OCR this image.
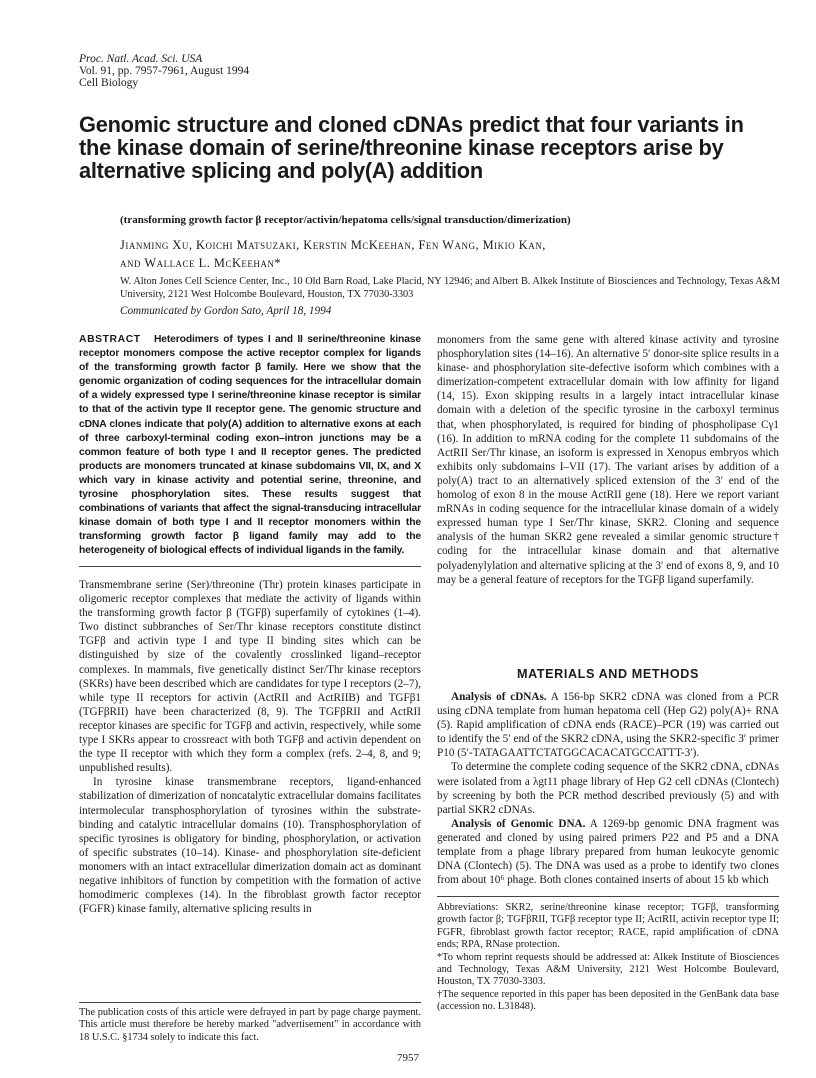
Proc. Natl. Acad. Sci. USA
Vol. 91, pp. 7957-7961, August 1994
Cell Biology
Genomic structure and cloned cDNAs predict that four variants in the kinase domain of serine/threonine kinase receptors arise by alternative splicing and poly(A) addition
(transforming growth factor β receptor/activin/hepatoma cells/signal transduction/dimerization)
Jianming Xu, Koichi Matsuzaki, Kerstin McKeehan, Fen Wang, Mikio Kan,
and Wallace L. McKeehan*
W. Alton Jones Cell Science Center, Inc., 10 Old Barn Road, Lake Placid, NY 12946; and Albert B. Alkek Institute of Biosciences and Technology, Texas A&M University, 2121 West Holcombe Boulevard, Houston, TX 77030-3303
Communicated by Gordon Sato, April 18, 1994
ABSTRACT Heterodimers of types I and II serine/threonine kinase receptor monomers compose the active receptor complex for ligands of the transforming growth factor β family. Here we show that the genomic organization of coding sequences for the intracellular domain of a widely expressed type I serine/threonine kinase receptor is similar to that of the activin type II receptor gene. The genomic structure and cDNA clones indicate that poly(A) addition to alternative exons at each of three carboxyl-terminal coding exon–intron junctions may be a common feature of both type I and II receptor genes. The predicted products are monomers truncated at kinase subdomains VII, IX, and X which vary in kinase activity and potential serine, threonine, and tyrosine phosphorylation sites. These results suggest that combinations of variants that affect the signal-transducing intracellular kinase domain of both type I and II receptor monomers within the transforming growth factor β ligand family may add to the heterogeneity of biological effects of individual ligands in the family.

Transmembrane serine (Ser)/threonine (Thr) protein kinases participate in oligomeric receptor complexes that mediate the activity of ligands within the transforming growth factor β (TGFβ) superfamily of cytokines (1–4). Two distinct subbranches of Ser/Thr kinase receptors constitute distinct TGFβ and activin type I and type II binding sites which can be distinguished by size of the covalently crosslinked ligand–receptor complexes. In mammals, five genetically distinct Ser/Thr kinase receptors (SKRs) have been described which are candidates for type I receptors (2–7), while type II receptors for activin (ActRII and ActRIIB) and TGFβ1 (TGFβRII) have been characterized (8, 9). The TGFβRII and ActRII receptor kinases are specific for TGFβ and activin, respectively, while some type I SKRs appear to crossreact with both TGFβ and activin dependent on the type II receptor with which they form a complex (refs. 2–4, 8, and 9; unpublished results).

In tyrosine kinase transmembrane receptors, ligand-enhanced stabilization of dimerization of noncatalytic extracellular domains facilitates intermolecular transphosphorylation of tyrosines within the substrate-binding and catalytic intracellular domains (10). Transphosphorylation of specific tyrosines is obligatory for binding, phosphorylation, or activation of specific substrates (10–14). Kinase- and phosphorylation site-deficient monomers with an intact extracellular dimerization domain act as dominant negative inhibitors of function by competition with the formation of active homodimeric complexes (14). In the fibroblast growth factor receptor (FGFR) kinase family, alternative splicing results in

monomers from the same gene with altered kinase activity and tyrosine phosphorylation sites (14–16). An alternative 5′ donor-site splice results in a kinase- and phosphorylation site-defective isoform which combines with a dimerization-competent extracellular domain with low affinity for ligand (14, 15). Exon skipping results in a largely intact intracellular kinase domain with a deletion of the specific tyrosine in the carboxyl terminus that, when phosphorylated, is required for binding of phospholipase Cγ1 (16). In addition to mRNA coding for the complete 11 subdomains of the ActRII Ser/Thr kinase, an isoform is expressed in Xenopus embryos which exhibits only subdomains I–VII (17). The variant arises by addition of a poly(A) tract to an alternatively spliced extension of the 3′ end of the homolog of exon 8 in the mouse ActRII gene (18). Here we report variant mRNAs in coding sequence for the intracellular kinase domain of a widely expressed human type I Ser/Thr kinase, SKR2. Cloning and sequence analysis of the human SKR2 gene revealed a similar genomic structure† coding for the intracellular kinase domain and that alternative polyadenylylation and alternative splicing at the 3′ end of exons 8, 9, and 10 may be a general feature of receptors for the TGFβ ligand superfamily.

MATERIALS AND METHODS

Analysis of cDNAs. A 156-bp SKR2 cDNA was cloned from a PCR using cDNA template from human hepatoma cell (Hep G2) poly(A)+ RNA (5). Rapid amplification of cDNA ends (RACE)–PCR (19) was carried out to identify the 5′ end of the SKR2 cDNA, using the SKR2-specific 3′ primer P10 (5′-TATAGAATTCTATGGCACACATGCCATTT-3′).

To determine the complete coding sequence of the SKR2 cDNA, cDNAs were isolated from a λgt11 phage library of Hep G2 cell cDNAs (Clontech) by screening by both the PCR method described previously (5) and with partial SKR2 cDNAs.

Analysis of Genomic DNA. A 1269-bp genomic DNA fragment was generated and cloned by using paired primers P22 and P5 and a DNA template from a phage library prepared from human leukocyte genomic DNA (Clontech) (5). The DNA was used as a probe to identify two clones from about 10⁶ phage. Both clones contained inserts of about 15 kb which

Abbreviations: SKR2, serine/threonine kinase receptor; TGFβ, transforming growth factor β; TGFβRII, TGFβ receptor type II; ActRII, activin receptor type II; FGFR, fibroblast growth factor receptor; RACE, rapid amplification of cDNA ends; RPA, RNase protection.

*To whom reprint requests should be addressed at: Alkek Institute of Biosciences and Technology, Texas A&M University, 2121 West Holcombe Boulevard, Houston, TX 77030-3303.

†The sequence reported in this paper has been deposited in the GenBank data base (accession no. L31848).

The publication costs of this article were defrayed in part by page charge payment. This article must therefore be hereby marked "advertisement" in accordance with 18 U.S.C. §1734 solely to indicate this fact.
7957
